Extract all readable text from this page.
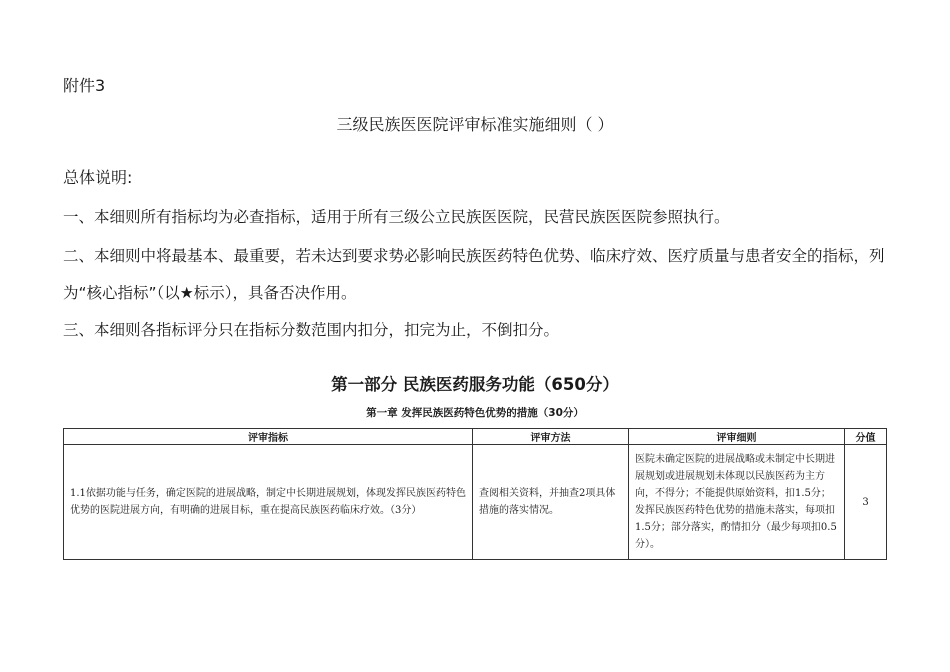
附件3
三级民族医医院评审标准实施细则（ ）
总体说明:
一、本细则所有指标均为必查指标，适用于所有三级公立民族医医院，民营民族医医院参照执行。
二、本细则中将最基本、最重要，若未达到要求势必影响民族医药特色优势、临床疗效、医疗质量与患者安全的指标，列
为“核心指标”（以★标示），具备否决作用。
三、本细则各指标评分只在指标分数范围内扣分，扣完为止，不倒扣分。
第一部分 民族医药服务功能（650分）
第一章 发挥民族医药特色优势的措施（30分）
评审指标	评审方法	评审细则	分值
1.1依据功能与任务，确定医院的进展战略，制定中长期进展规划，体现发挥民族医药特色优势的医院进展方向，有明确的进展目标，重在提高民族医药临床疗效。（3分）	查阅相关资料，并抽查2项具体措施的落实情况。	医院未确定医院的进展战略或未制定中长期进展规划或进展规划未体现以民族医药为主方向，不得分；不能提供原始资料，扣1.5分；发挥民族医药特色优势的措施未落实，每项扣1.5分；部分落实，酌情扣分（最少每项扣0.5分）。	3
